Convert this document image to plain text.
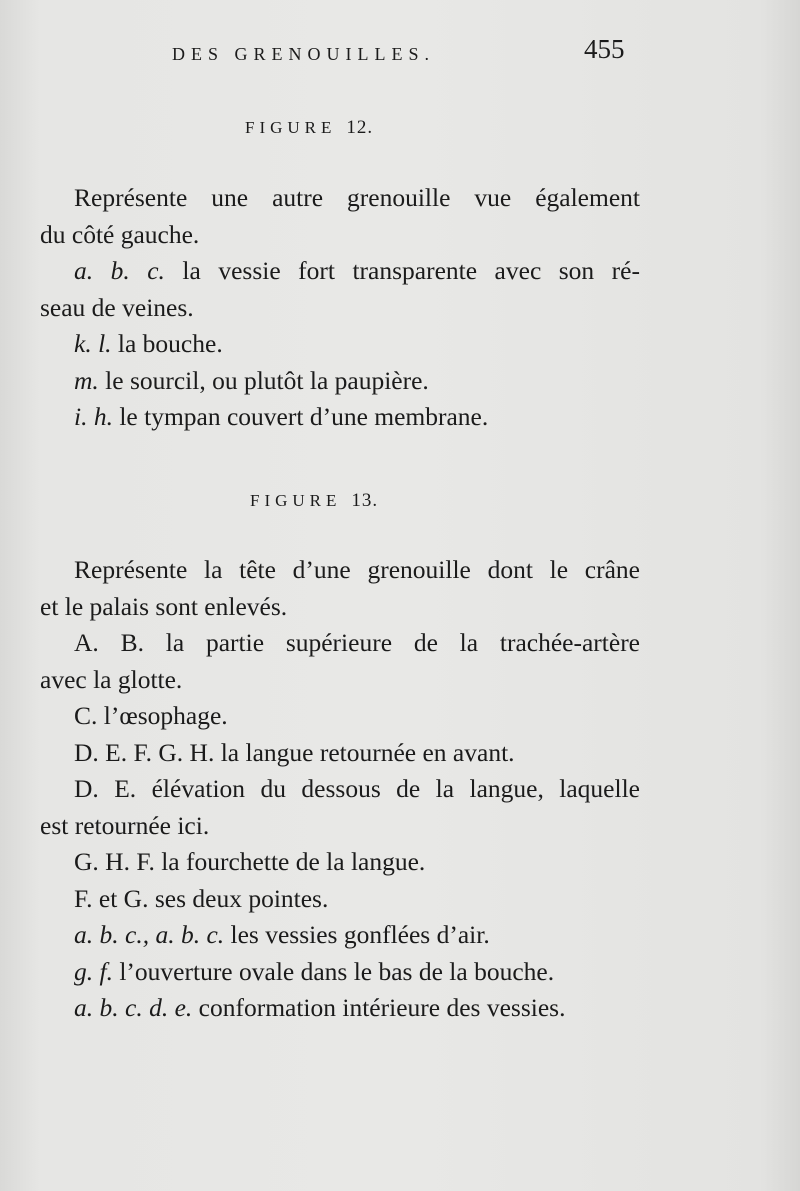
DES GRENOUILLES.	455
FIGURE 12.
Représente une autre grenouille vue également
du côté gauche.
a. b. c. la vessie fort transparente avec son ré-
seau de veines.
k. l. la bouche.
m. le sourcil, ou plutôt la paupière.
i. h. le tympan couvert d’une membrane.
FIGURE 13.
Représente la tête d’une grenouille dont le crâne
et le palais sont enlevés.
A. B. la partie supérieure de la trachée-artère
avec la glotte.
C. l’œsophage.
D. E. F. G. H. la langue retournée en avant.
D. E. élévation du dessous de la langue, laquelle
est retournée ici.
G. H. F. la fourchette de la langue.
F. et G. ses deux pointes.
a. b. c., a. b. c. les vessies gonflées d’air.
g. f. l’ouverture ovale dans le bas de la bouche.
a. b. c. d. e. conformation intérieure des vessies.
